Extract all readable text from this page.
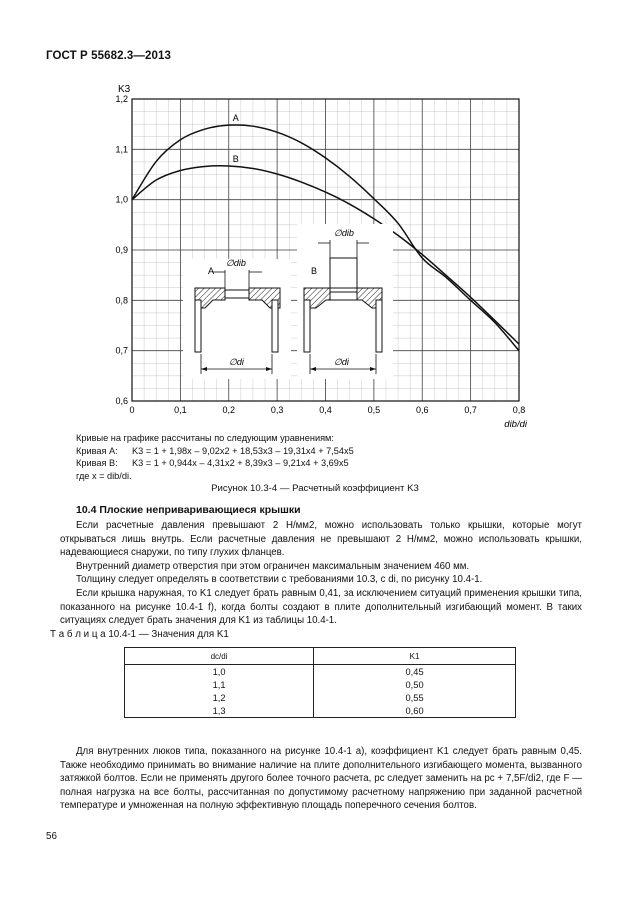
ГОСТ Р 55682.3—2013
0	0,1	0,2	0,3	0,4	0,5	0,6	0,7	0,8
0,6
0,7
0,8
0,9
1,0
1,1
1,2
K3
dib/di
A
B
A
∅dib
∅di
B
∅dib
∅di
Кривые на графике рассчитаны по следующим уравнениям:
Кривая A:	K3 = 1 + 1,98x – 9,02x2 + 18,53x3 – 19,31x4 + 7,54x5
Кривая B:	K3 = 1 + 0,944x – 4,31x2 + 8,39x3 – 9,21x4 + 3,69x5
где x = dib/di.
Рисунок 10.3-4 — Расчетный коэффициент K3
10.4 Плоские неприваривающиеся крышки

Если расчетные давления превышают 2 Н/мм2, можно использовать только крышки, которые могут открываться лишь внутрь. Если расчетные давления не превышают 2 Н/мм2, можно использовать крышки, надевающиеся снаружи, по типу глухих фланцев.

Внутренний диаметр отверстия при этом ограничен максимальным значением 460 мм.

Толщину следует определять в соответствии с требованиями 10.3, с di, по рисунку 10.4-1.

Если крышка наружная, то K1 следует брать равным 0,41, за исключением ситуаций применения крышки типа, показанного на рисунке 10.4-1 f), когда болты создают в плите дополнительный изгибающий момент. В таких ситуациях следует брать значения для K1 из таблицы 10.4-1.

Т а б л и ц а 10.4-1 — Значения для K1
dc/di	K1
1,0	0,45
1,1	0,50
1,2	0,55
1,3	0,60

Для внутренних люков типа, показанного на рисунке 10.4-1 a), коэффициент K1 следует брать равным 0,45. Также необходимо принимать во внимание наличие на плите дополнительного изгибающего момента, вызванного затяжкой болтов. Если не применять другого более точного расчета, pc следует заменить на pc + 7,5F/di2, где F — полная нагрузка на все болты, рассчитанная по допустимому расчетному напряжению при заданной расчетной температуре и умноженная на полную эффективную площадь поперечного сечения болтов.

56
